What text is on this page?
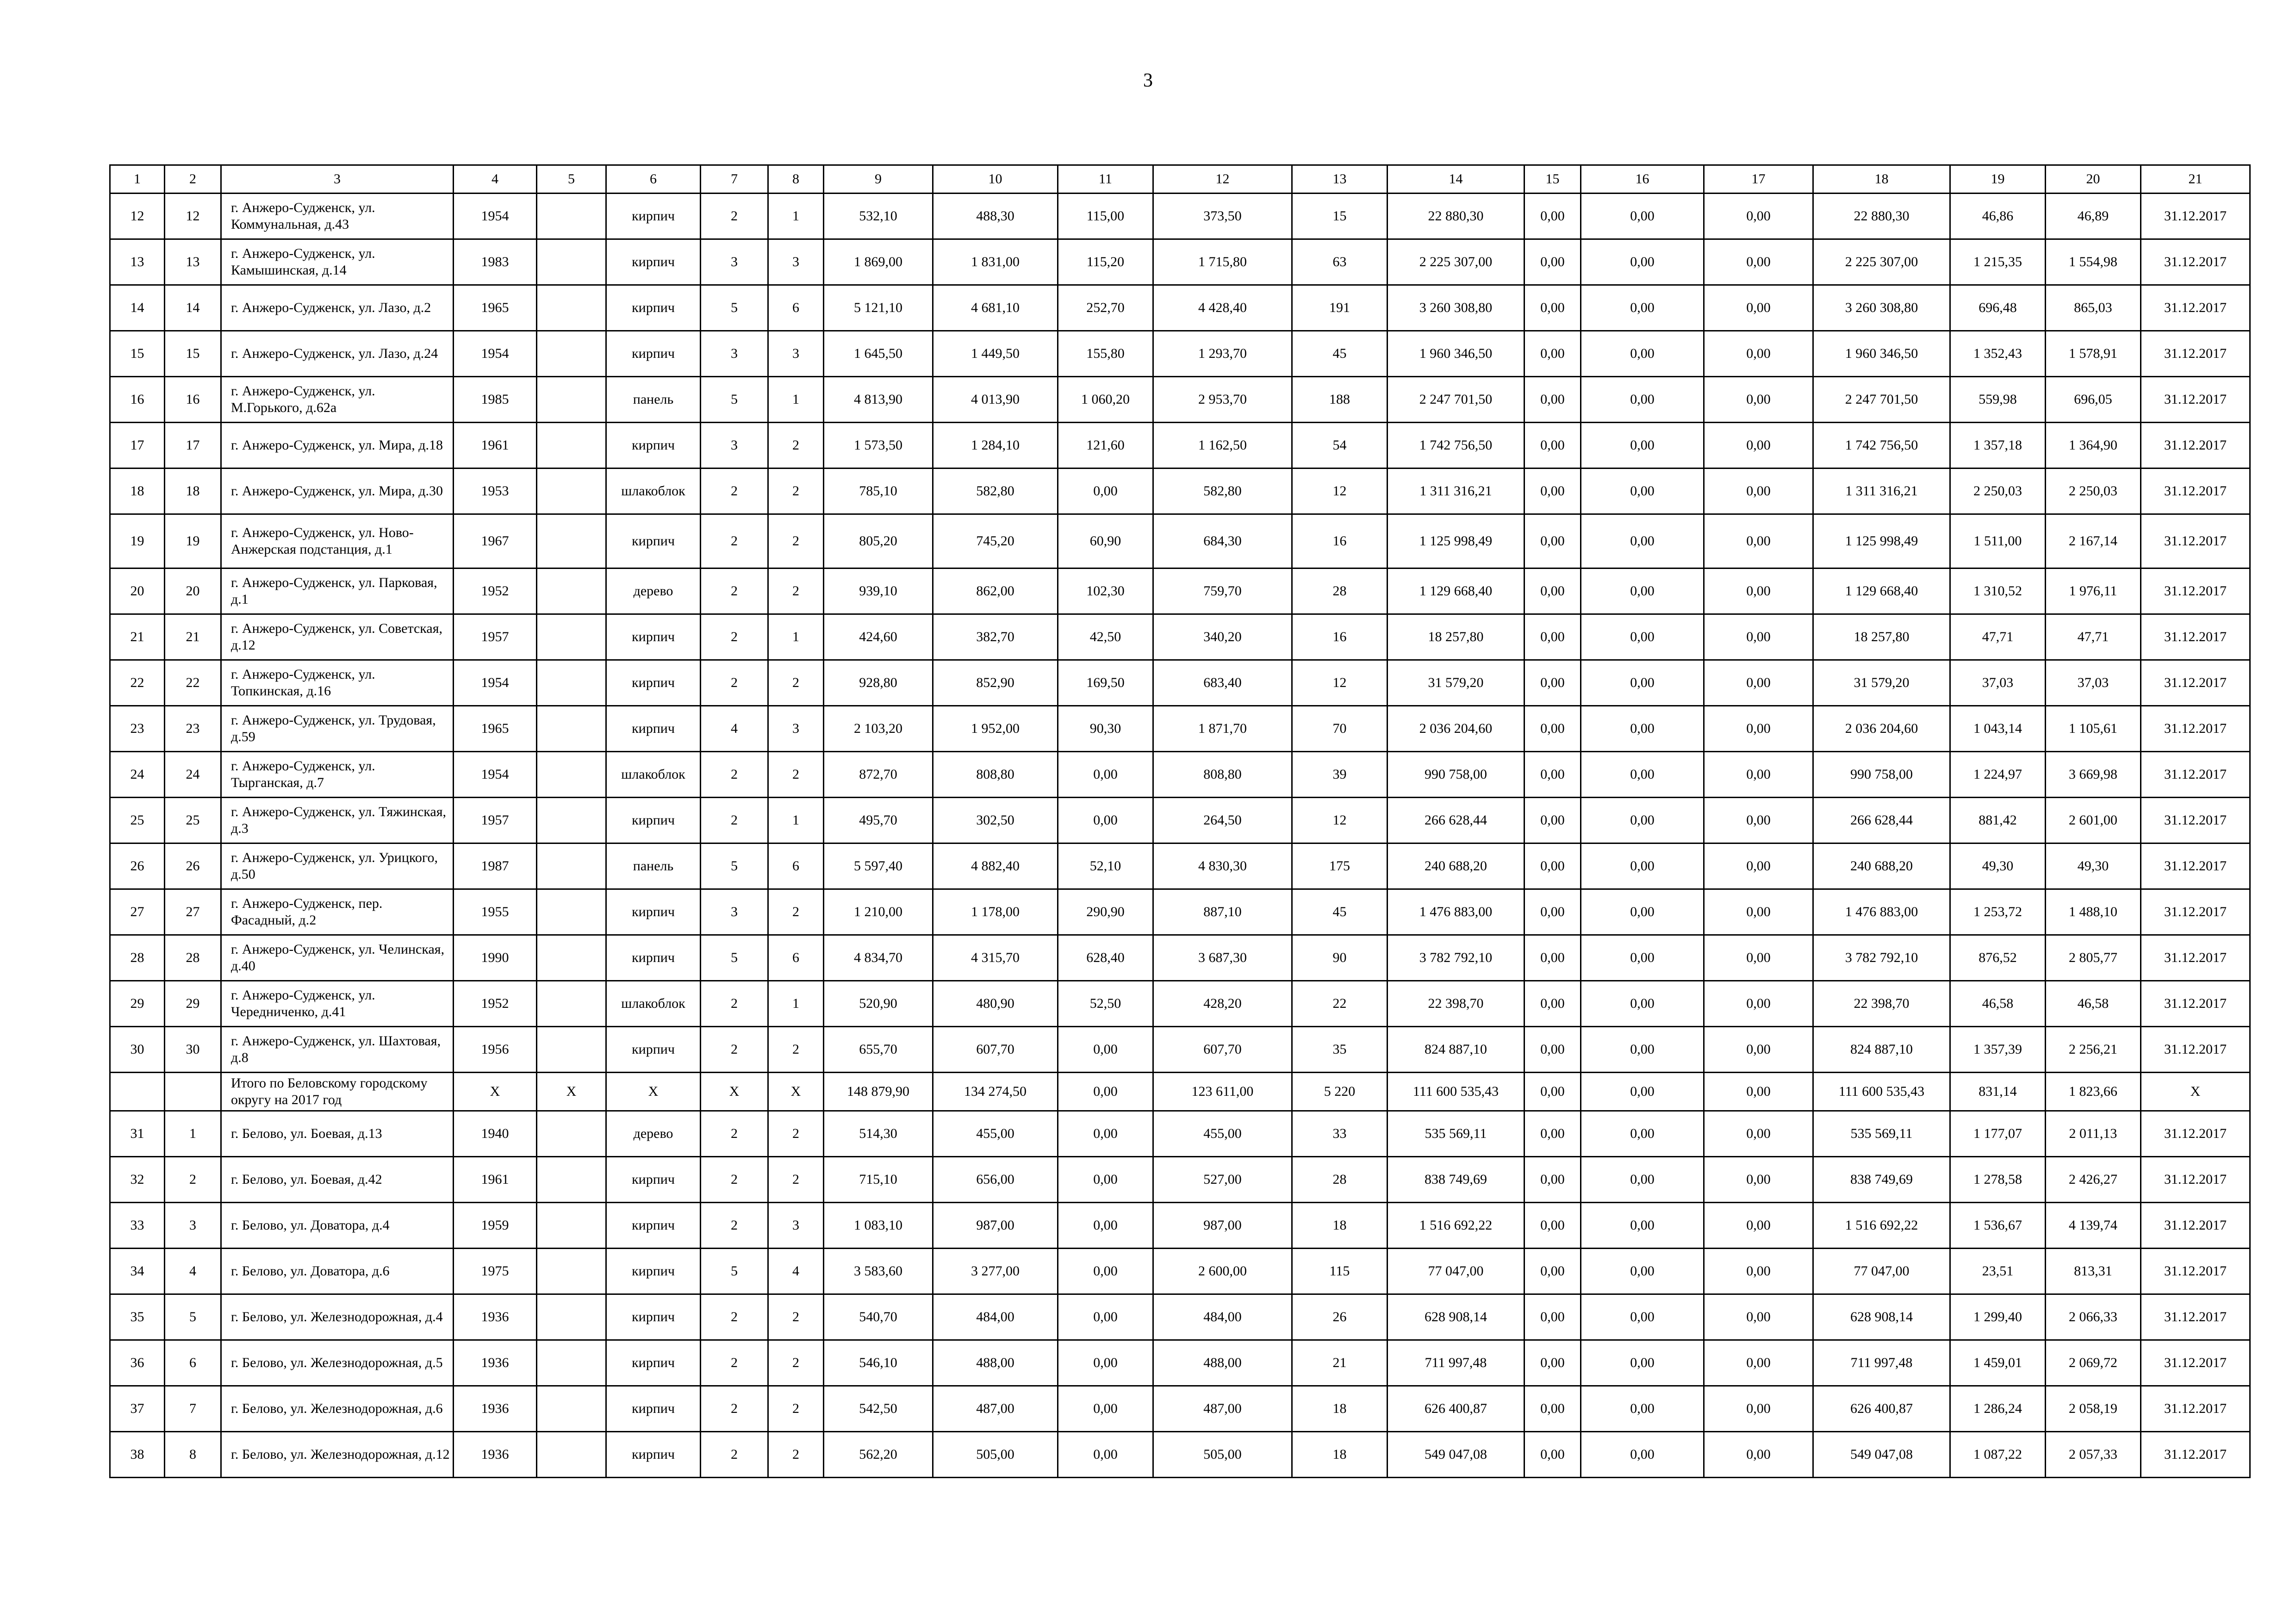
3
1	2	3	4	5	6	7	8	9	10	11	12	13	14	15	16	17	18	19	20	21
12	12	г. Анжеро-Судженск, ул. Коммунальная, д.43	1954		кирпич	2	1	532,10	488,30	115,00	373,50	15	22 880,30	0,00	0,00	0,00	22 880,30	46,86	46,89	31.12.2017
13	13	г. Анжеро-Судженск, ул. Камышинская, д.14	1983		кирпич	3	3	1 869,00	1 831,00	115,20	1 715,80	63	2 225 307,00	0,00	0,00	0,00	2 225 307,00	1 215,35	1 554,98	31.12.2017
14	14	г. Анжеро-Судженск, ул. Лазо, д.2	1965		кирпич	5	6	5 121,10	4 681,10	252,70	4 428,40	191	3 260 308,80	0,00	0,00	0,00	3 260 308,80	696,48	865,03	31.12.2017
15	15	г. Анжеро-Судженск, ул. Лазо, д.24	1954		кирпич	3	3	1 645,50	1 449,50	155,80	1 293,70	45	1 960 346,50	0,00	0,00	0,00	1 960 346,50	1 352,43	1 578,91	31.12.2017
16	16	г. Анжеро-Судженск, ул. М.Горького, д.62а	1985		панель	5	1	4 813,90	4 013,90	1 060,20	2 953,70	188	2 247 701,50	0,00	0,00	0,00	2 247 701,50	559,98	696,05	31.12.2017
17	17	г. Анжеро-Судженск, ул. Мира, д.18	1961		кирпич	3	2	1 573,50	1 284,10	121,60	1 162,50	54	1 742 756,50	0,00	0,00	0,00	1 742 756,50	1 357,18	1 364,90	31.12.2017
18	18	г. Анжеро-Судженск, ул. Мира, д.30	1953		шлакоблок	2	2	785,10	582,80	0,00	582,80	12	1 311 316,21	0,00	0,00	0,00	1 311 316,21	2 250,03	2 250,03	31.12.2017
19	19	г. Анжеро-Судженск, ул. Ново-Анжерская подстанция, д.1	1967		кирпич	2	2	805,20	745,20	60,90	684,30	16	1 125 998,49	0,00	0,00	0,00	1 125 998,49	1 511,00	2 167,14	31.12.2017
20	20	г. Анжеро-Судженск, ул. Парковая, д.1	1952		дерево	2	2	939,10	862,00	102,30	759,70	28	1 129 668,40	0,00	0,00	0,00	1 129 668,40	1 310,52	1 976,11	31.12.2017
21	21	г. Анжеро-Судженск, ул. Советская, д.12	1957		кирпич	2	1	424,60	382,70	42,50	340,20	16	18 257,80	0,00	0,00	0,00	18 257,80	47,71	47,71	31.12.2017
22	22	г. Анжеро-Судженск, ул. Топкинская, д.16	1954		кирпич	2	2	928,80	852,90	169,50	683,40	12	31 579,20	0,00	0,00	0,00	31 579,20	37,03	37,03	31.12.2017
23	23	г. Анжеро-Судженск, ул. Трудовая, д.59	1965		кирпич	4	3	2 103,20	1 952,00	90,30	1 871,70	70	2 036 204,60	0,00	0,00	0,00	2 036 204,60	1 043,14	1 105,61	31.12.2017
24	24	г. Анжеро-Судженск, ул. Тырганская, д.7	1954		шлакоблок	2	2	872,70	808,80	0,00	808,80	39	990 758,00	0,00	0,00	0,00	990 758,00	1 224,97	3 669,98	31.12.2017
25	25	г. Анжеро-Судженск, ул. Тяжинская, д.3	1957		кирпич	2	1	495,70	302,50	0,00	264,50	12	266 628,44	0,00	0,00	0,00	266 628,44	881,42	2 601,00	31.12.2017
26	26	г. Анжеро-Судженск, ул. Урицкого, д.50	1987		панель	5	6	5 597,40	4 882,40	52,10	4 830,30	175	240 688,20	0,00	0,00	0,00	240 688,20	49,30	49,30	31.12.2017
27	27	г. Анжеро-Судженск, пер. Фасадный, д.2	1955		кирпич	3	2	1 210,00	1 178,00	290,90	887,10	45	1 476 883,00	0,00	0,00	0,00	1 476 883,00	1 253,72	1 488,10	31.12.2017
28	28	г. Анжеро-Судженск, ул. Челинская, д.40	1990		кирпич	5	6	4 834,70	4 315,70	628,40	3 687,30	90	3 782 792,10	0,00	0,00	0,00	3 782 792,10	876,52	2 805,77	31.12.2017
29	29	г. Анжеро-Судженск, ул. Чередниченко, д.41	1952		шлакоблок	2	1	520,90	480,90	52,50	428,20	22	22 398,70	0,00	0,00	0,00	22 398,70	46,58	46,58	31.12.2017
30	30	г. Анжеро-Судженск, ул. Шахтовая, д.8	1956		кирпич	2	2	655,70	607,70	0,00	607,70	35	824 887,10	0,00	0,00	0,00	824 887,10	1 357,39	2 256,21	31.12.2017
		Итого по Беловскому городскому округу на 2017 год	Х	Х	Х	Х	Х	148 879,90	134 274,50	0,00	123 611,00	5 220	111 600 535,43	0,00	0,00	0,00	111 600 535,43	831,14	1 823,66	Х
31	1	г. Белово, ул. Боевая, д.13	1940		дерево	2	2	514,30	455,00	0,00	455,00	33	535 569,11	0,00	0,00	0,00	535 569,11	1 177,07	2 011,13	31.12.2017
32	2	г. Белово, ул. Боевая, д.42	1961		кирпич	2	2	715,10	656,00	0,00	527,00	28	838 749,69	0,00	0,00	0,00	838 749,69	1 278,58	2 426,27	31.12.2017
33	3	г. Белово, ул. Доватора, д.4	1959		кирпич	2	3	1 083,10	987,00	0,00	987,00	18	1 516 692,22	0,00	0,00	0,00	1 516 692,22	1 536,67	4 139,74	31.12.2017
34	4	г. Белово, ул. Доватора, д.6	1975		кирпич	5	4	3 583,60	3 277,00	0,00	2 600,00	115	77 047,00	0,00	0,00	0,00	77 047,00	23,51	813,31	31.12.2017
35	5	г. Белово, ул. Железнодорожная, д.4	1936		кирпич	2	2	540,70	484,00	0,00	484,00	26	628 908,14	0,00	0,00	0,00	628 908,14	1 299,40	2 066,33	31.12.2017
36	6	г. Белово, ул. Железнодорожная, д.5	1936		кирпич	2	2	546,10	488,00	0,00	488,00	21	711 997,48	0,00	0,00	0,00	711 997,48	1 459,01	2 069,72	31.12.2017
37	7	г. Белово, ул. Железнодорожная, д.6	1936		кирпич	2	2	542,50	487,00	0,00	487,00	18	626 400,87	0,00	0,00	0,00	626 400,87	1 286,24	2 058,19	31.12.2017
38	8	г. Белово, ул. Железнодорожная, д.12	1936		кирпич	2	2	562,20	505,00	0,00	505,00	18	549 047,08	0,00	0,00	0,00	549 047,08	1 087,22	2 057,33	31.12.2017
